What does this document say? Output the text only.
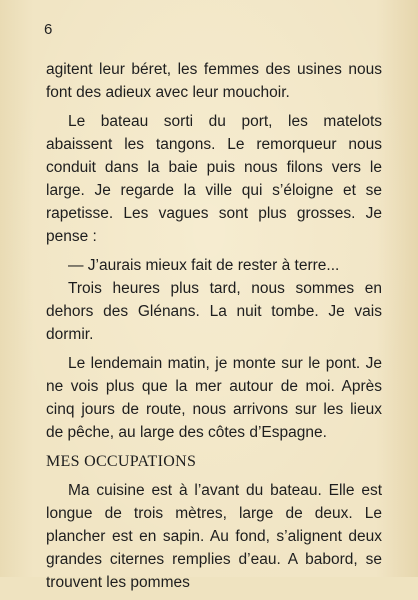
6

agitent leur béret, les femmes des usines nous font des adieux avec leur mouchoir.

Le bateau sorti du port, les matelots abaissent les tangons. Le remorqueur nous conduit dans la baie puis nous filons vers le large. Je regarde la ville qui s’éloigne et se rapetisse. Les vagues sont plus grosses. Je pense :

— J’aurais mieux fait de rester à terre...

Trois heures plus tard, nous sommes en dehors des Glénans. La nuit tombe. Je vais dormir.

Le lendemain matin, je monte sur le pont. Je ne vois plus que la mer autour de moi. Après cinq jours de route, nous arrivons sur les lieux de pêche, au large des côtes d’Espagne.

MES OCCUPATIONS

Ma cuisine est à l’avant du bateau. Elle est longue de trois mètres, large de deux. Le plancher est en sapin. Au fond, s’alignent deux grandes citernes remplies d’eau. A babord, se trouvent les pommes
